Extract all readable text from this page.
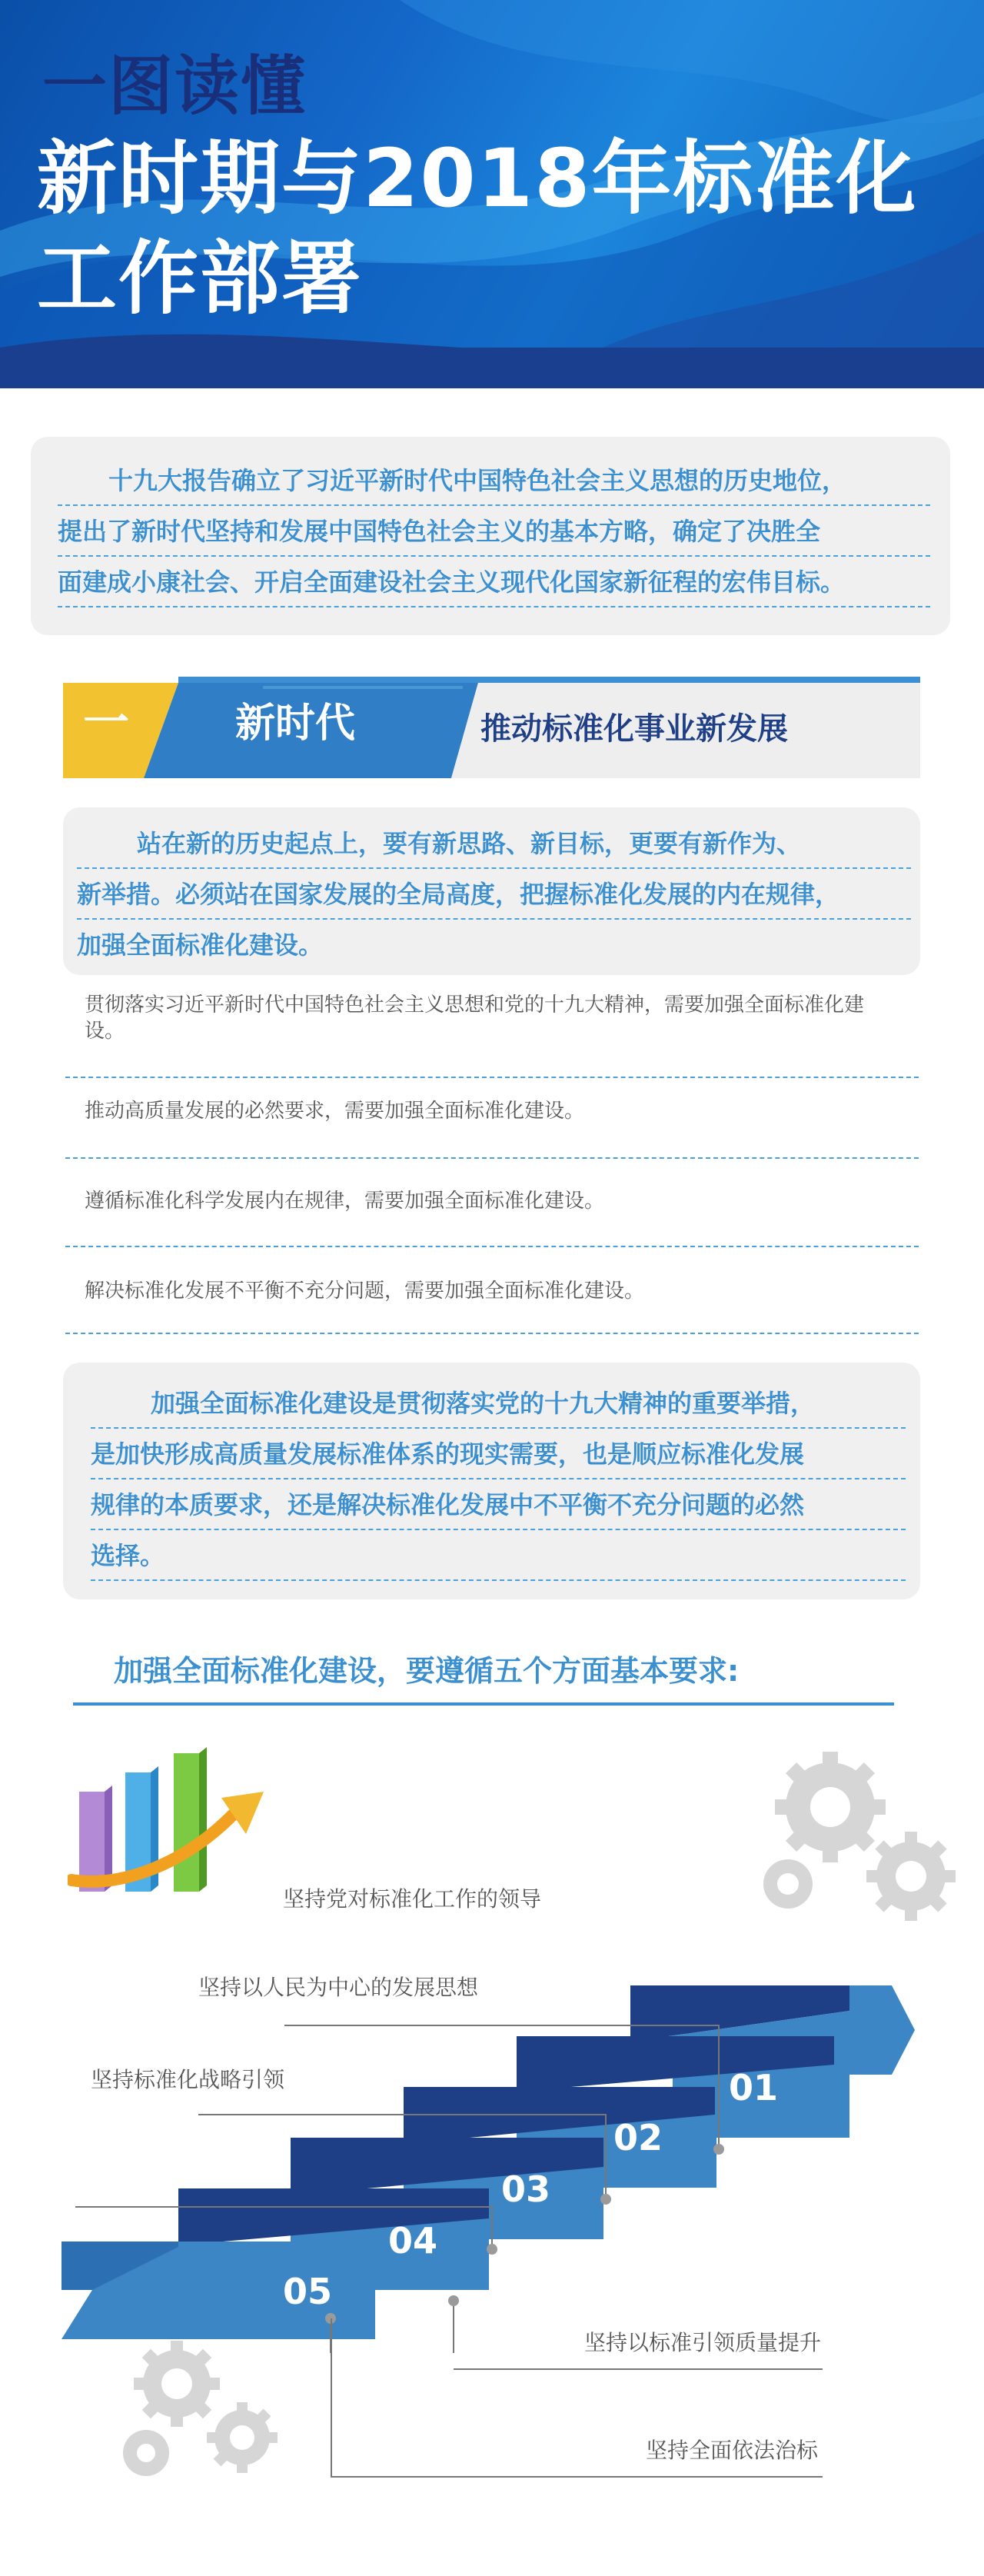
一图读懂
新时期与2018年标准化
工作部署
十九大报告确立了习近平新时代中国特色社会主义思想的历史地位，
提出了新时代坚持和发展中国特色社会主义的基本方略，确定了决胜全
面建成小康社会、开启全面建设社会主义现代化国家新征程的宏伟目标。
一	新时代	推动标准化事业新发展
站在新的历史起点上，要有新思路、新目标，更要有新作为、
新举措。必须站在国家发展的全局高度，把握标准化发展的内在规律，
加强全面标准化建设。
贯彻落实习近平新时代中国特色社会主义思想和党的十九大精神，需要加强全面标准化建设。
推动高质量发展的必然要求，需要加强全面标准化建设。
遵循标准化科学发展内在规律，需要加强全面标准化建设。
解决标准化发展不平衡不充分问题，需要加强全面标准化建设。
加强全面标准化建设是贯彻落实党的十九大精神的重要举措，
是加快形成高质量发展标准体系的现实需要，也是顺应标准化发展
规律的本质要求，还是解决标准化发展中不平衡不充分问题的必然
选择。
加强全面标准化建设，要遵循五个方面基本要求:
01
02
03
04
05
坚持党对标准化工作的领导
坚持以人民为中心的发展思想
坚持标准化战略引领
坚持以标准引领质量提升
坚持全面依法治标
